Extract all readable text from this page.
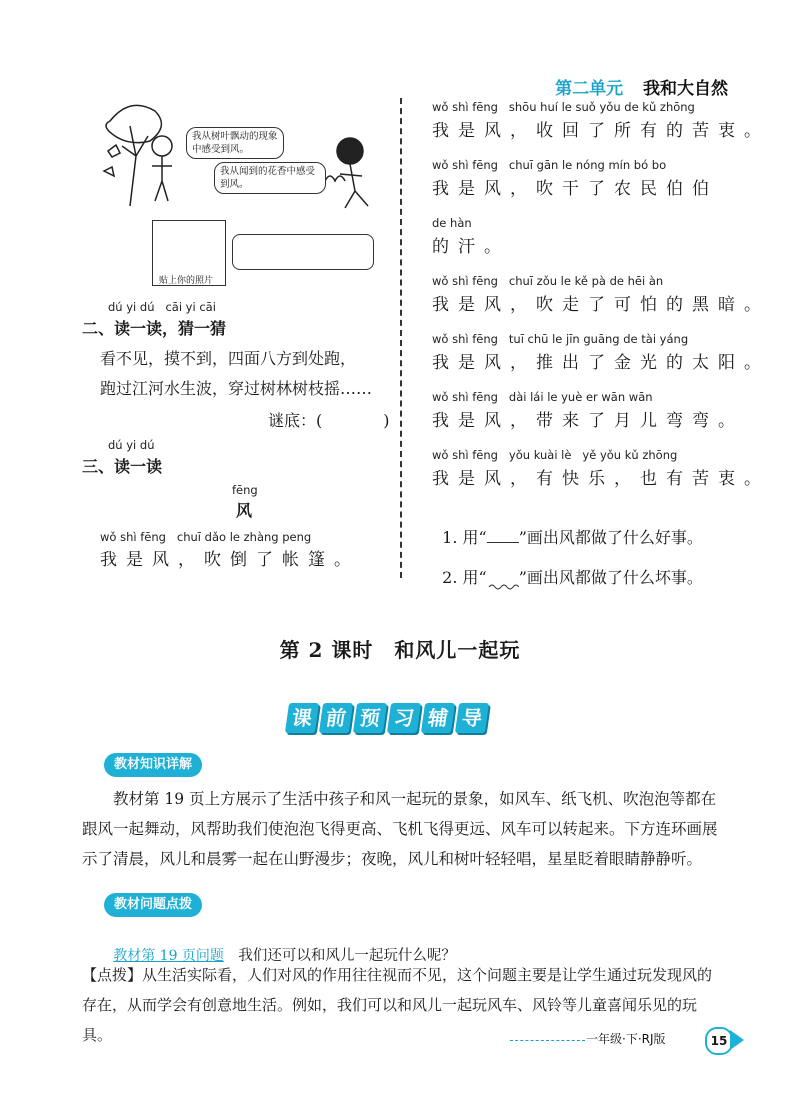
第二单元 我和大自然
我从树叶飘动的现象中感受到风。
我从闻到的花香中感受到风。
贴上你的照片
dú yi dú   cāi yi cāi
二、读一读，猜一猜
看不见，摸不到，四面八方到处跑，
跑过江河水生波，穿过树林树枝摇……
谜底：(            )
dú yi dú
三、读一读
fēng
风
wǒ shì fēng   chuī dǎo le zhàng peng
我是风，吹倒了帐篷。
wǒ shì fēng   shōu huí le suǒ yǒu de kǔ zhōng
我是风，收回了所有的苦衷。
wǒ shì fēng   chuī gān le nóng mín bó bo
我是风，吹干了农民伯伯
de hàn
的汗。
wǒ shì fēng   chuī zǒu le kě pà de hēi àn
我是风，吹走了可怕的黑暗。
wǒ shì fēng   tuī chū le jīn guāng de tài yáng
我是风，推出了金光的太阳。
wǒ shì fēng   dài lái le yuè er wān wān
我是风，带来了月儿弯弯。
wǒ shì fēng   yǒu kuài lè   yě yǒu kǔ zhōng
我是风，有快乐，也有苦衷。

1. 用“ ”画出风都做了什么好事。

2. 用“ ”画出风都做了什么坏事。

第 2 课时　和风儿一起玩
课 前 预 习 辅 导
教材知识详解
教材第 19 页上方展示了生活中孩子和风一起玩的景象，如风车、纸飞机、吹泡泡等都在跟风一起舞动，风帮助我们使泡泡飞得更高、飞机飞得更远、风车可以转起来。下方连环画展示了清晨，风儿和晨雾一起在山野漫步；夜晚，风儿和树叶轻轻唱，星星眨着眼睛静静听。
教材问题点拨

教材第 19 页问题　我们还可以和风儿一起玩什么呢？

【点拨】从生活实际看，人们对风的作用往往视而不见，这个问题主要是让学生通过玩发现风的存在，从而学会有创意地生活。例如，我们可以和风儿一起玩风车、风铃等儿童喜闻乐见的玩具。	一年级·下·RJ版	15
